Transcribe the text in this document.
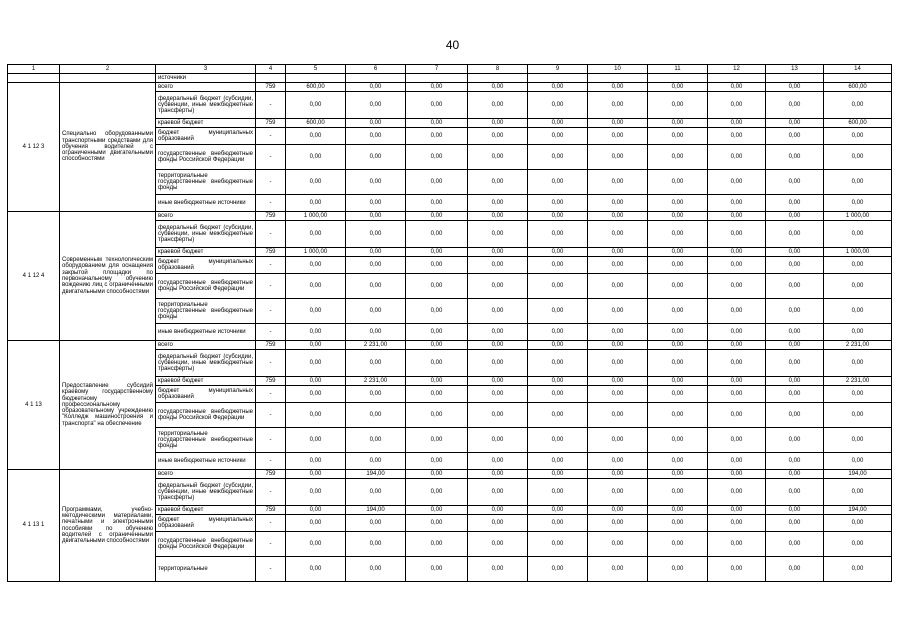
40
1	2	3	4	5	6	7	8	9	10	11	12	13	14
		источники											
4 1 12 3	Специально оборудованными транспортными средствами для обучения водителей с ограниченными двигательными способностями	всего	759	600,00	0,00	0,00	0,00	0,00	0,00	0,00	0,00	0,00	600,00
		федеральный бюджет (субсидии, субвенции, иные межбюджетные трансферты)	-	0,00	0,00	0,00	0,00	0,00	0,00	0,00	0,00	0,00	0,00
		краевой бюджет	759	600,00	0,00	0,00	0,00	0,00	0,00	0,00	0,00	0,00	600,00
		бюджет муниципальных образований	-	0,00	0,00	0,00	0,00	0,00	0,00	0,00	0,00	0,00	0,00
		государственные внебюджетные фонды Российской Федерации	-	0,00	0,00	0,00	0,00	0,00	0,00	0,00	0,00	0,00	0,00
		территориальные государственные внебюджетные фонды	-	0,00	0,00	0,00	0,00	0,00	0,00	0,00	0,00	0,00	0,00
		иные внебюджетные источники	-	0,00	0,00	0,00	0,00	0,00	0,00	0,00	0,00	0,00	0,00
4 1 12 4	Современным технологическим оборудованием для оснащения закрытой площадки по первоначальному обучению вождению лиц с ограниченными двигательными способностями	всего	759	1 000,00	0,00	0,00	0,00	0,00	0,00	0,00	0,00	0,00	1 000,00
		федеральный бюджет (субсидии, субвенции, иные межбюджетные трансферты)	-	0,00	0,00	0,00	0,00	0,00	0,00	0,00	0,00	0,00	0,00
		краевой бюджет	759	1 000,00	0,00	0,00	0,00	0,00	0,00	0,00	0,00	0,00	1 000,00
		бюджет муниципальных образований	-	0,00	0,00	0,00	0,00	0,00	0,00	0,00	0,00	0,00	0,00
		государственные внебюджетные фонды Российской Федерации	-	0,00	0,00	0,00	0,00	0,00	0,00	0,00	0,00	0,00	0,00
		территориальные государственные внебюджетные фонды	-	0,00	0,00	0,00	0,00	0,00	0,00	0,00	0,00	0,00	0,00
		иные внебюджетные источники	-	0,00	0,00	0,00	0,00	0,00	0,00	0,00	0,00	0,00	0,00
4 1 13	Предоставление субсидий краевому государственному бюджетному профессиональному образовательному учреждению "Колледж машиностроения и транспорта" на обеспечение	всего	759	0,00	2 231,00	0,00	0,00	0,00	0,00	0,00	0,00	0,00	2 231,00
		федеральный бюджет (субсидии, субвенции, иные межбюджетные трансферты)	-	0,00	0,00	0,00	0,00	0,00	0,00	0,00	0,00	0,00	0,00
		краевой бюджет	759	0,00	2 231,00	0,00	0,00	0,00	0,00	0,00	0,00	0,00	2 231,00
		бюджет муниципальных образований	-	0,00	0,00	0,00	0,00	0,00	0,00	0,00	0,00	0,00	0,00
		государственные внебюджетные фонды Российской Федерации	-	0,00	0,00	0,00	0,00	0,00	0,00	0,00	0,00	0,00	0,00
		территориальные государственные внебюджетные фонды	-	0,00	0,00	0,00	0,00	0,00	0,00	0,00	0,00	0,00	0,00
		иные внебюджетные источники	-	0,00	0,00	0,00	0,00	0,00	0,00	0,00	0,00	0,00	0,00
4 1 13 1	Программами, учебно-методическими материалами, печатными и электронными пособиями по обучению водителей с ограниченными двигательными способностями	всего	759	0,00	194,00	0,00	0,00	0,00	0,00	0,00	0,00	0,00	194,00
		федеральный бюджет (субсидии, субвенции, иные межбюджетные трансферты)	-	0,00	0,00	0,00	0,00	0,00	0,00	0,00	0,00	0,00	0,00
		краевой бюджет	759	0,00	194,00	0,00	0,00	0,00	0,00	0,00	0,00	0,00	194,00
		бюджет муниципальных образований	-	0,00	0,00	0,00	0,00	0,00	0,00	0,00	0,00	0,00	0,00
		государственные внебюджетные фонды Российской Федерации	-	0,00	0,00	0,00	0,00	0,00	0,00	0,00	0,00	0,00	0,00
		территориальные	-	0,00	0,00	0,00	0,00	0,00	0,00	0,00	0,00	0,00	0,00
